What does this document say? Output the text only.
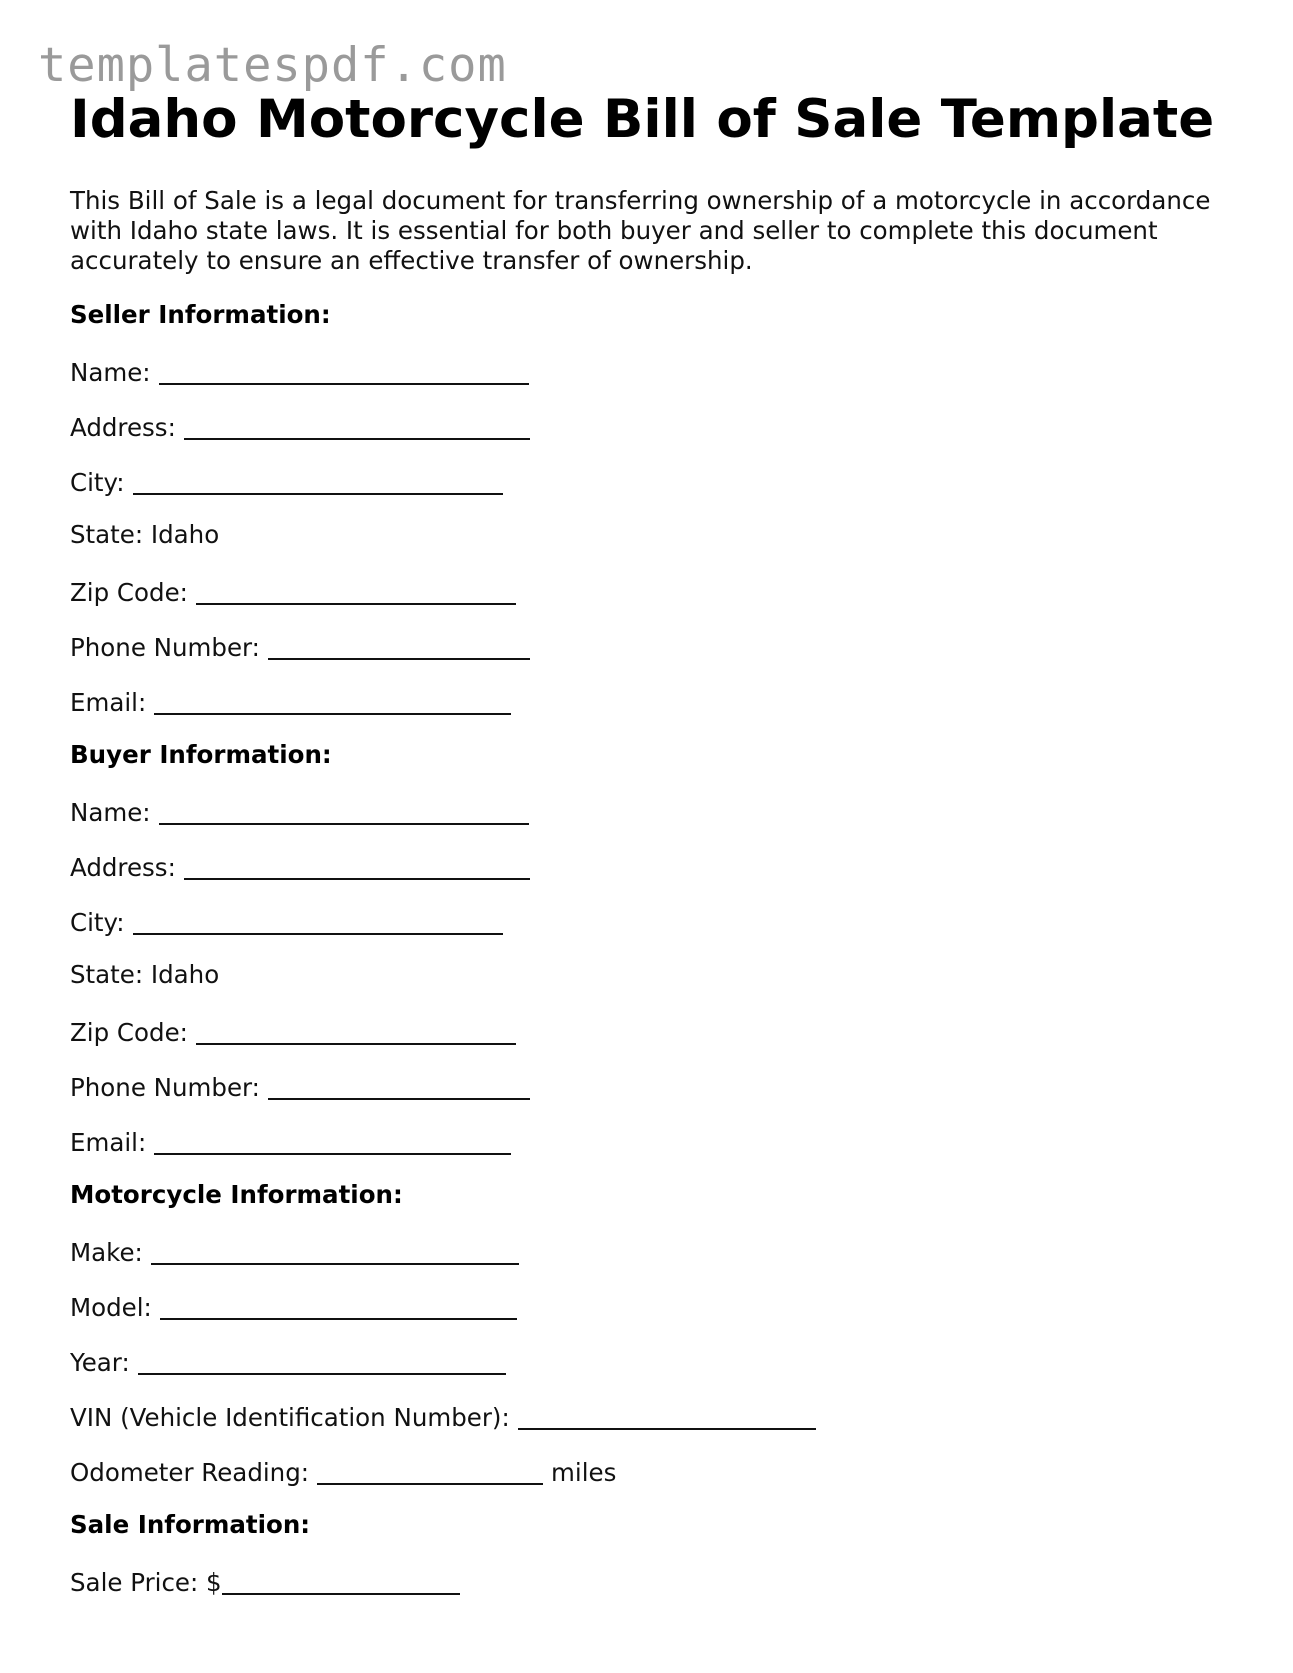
templatespdf.com
Idaho Motorcycle Bill of Sale Template

This Bill of Sale is a legal document for transferring ownership of a motorcycle in accordance with Idaho state laws. It is essential for both buyer and seller to complete this document accurately to ensure an effective transfer of ownership.

Seller Information:
Name:
Address:
City:
State: Idaho
Zip Code:
Phone Number:
Email:
Buyer Information:
Name:
Address:
City:
State: Idaho
Zip Code:
Phone Number:
Email:
Motorcycle Information:
Make:
Model:
Year:
VIN (Vehicle Identification Number):
Odometer Reading:	miles
Sale Information:
Sale Price: $
